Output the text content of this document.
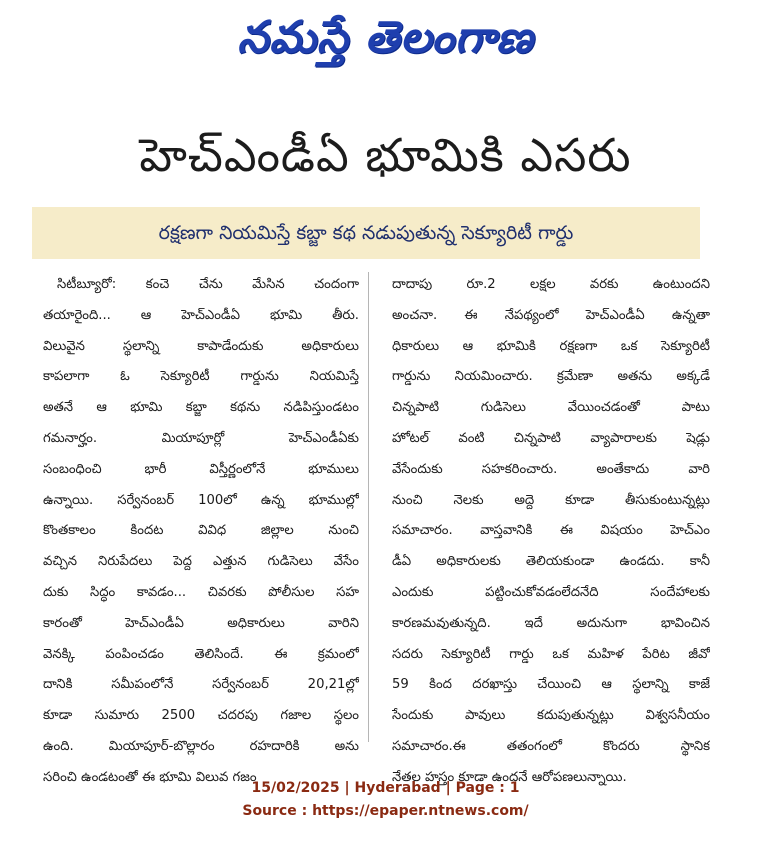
నమస్తే తెలంగాణ
హెచ్ఎండీఏ భూమికి ఎసరు
రక్షణగా నియమిస్తే కబ్జా కథ నడుపుతున్న సెక్యూరిటీ గార్డు
సిటీబ్యూరో: కంచె చేను మేసిన చందంగా
తయారైంది... ఆ హెచ్ఎండీఏ భూమి తీరు.
విలువైన స్థలాన్ని కాపాడేందుకు అధికారులు
కాపలాగా ఓ సెక్యూరిటీ గార్డును నియమిస్తే
అతనే ఆ భూమి కబ్జా కథను నడిపిస్తుండటం
గమనార్హం. మియాపూర్లో హెచ్ఎండీఏకు
సంబంధించి భారీ విస్తీర్ణంలోనే భూములు
ఉన్నాయి. సర్వేనంబర్ 100లో ఉన్న భూముల్లో
కొంతకాలం కిందట వివిధ జిల్లాల నుంచి
వచ్చిన నిరుపేదలు పెద్ద ఎత్తున గుడిసెలు వేసేం
దుకు సిద్ధం కావడం... చివరకు పోలీసుల సహ
కారంతో హెచ్ఎండీఏ అధికారులు వారిని
వెనక్కి పంపించడం తెలిసిందే. ఈ క్రమంలో
దానికి సమీపంలోనే సర్వేనంబర్ 20,21ల్లో
కూడా సుమారు 2500 చదరపు గజాల స్థలం
ఉంది. మియాపూర్-బొల్లారం రహదారికి అను
సరించి ఉండటంతో ఈ భూమి విలువ గజం
దాదాపు రూ.2 లక్షల వరకు ఉంటుందని
అంచనా. ఈ నేపథ్యంలో హెచ్ఎండీఏ ఉన్నతా
ధికారులు ఆ భూమికి రక్షణగా ఒక సెక్యూరిటీ
గార్డును నియమించారు. క్రమేణా అతను అక్కడే
చిన్నపాటి గుడిసెలు వేయించడంతో పాటు
హోటల్ వంటి చిన్నపాటి వ్యాపారాలకు షెడ్లు
వేసేందుకు సహకరించారు. అంతేకాదు వారి
నుంచి నెలకు అద్దె కూడా తీసుకుంటున్నట్లు
సమాచారం. వాస్తవానికి ఈ విషయం హెచ్ఎం
డీఏ అధికారులకు తెలియకుండా ఉండదు. కానీ
ఎందుకు పట్టించుకోవడంలేదనేది సందేహాలకు
కారణమవుతున్నది. ఇదే అదునుగా భావించిన
సదరు సెక్యూరిటీ గార్డు ఒక మహిళ పేరిట జీవో
59 కింద దరఖాస్తు చేయించి ఆ స్థలాన్ని కాజే
సేందుకు పావులు కదుపుతున్నట్లు విశ్వసనీయం
సమాచారం.ఈ తతంగంలో కొందరు స్థానిక
నేతల హస్తం కూడా ఉందనే ఆరోపణలున్నాయి.
15/02/2025 | Hyderabad | Page : 1
Source : https://epaper.ntnews.com/
